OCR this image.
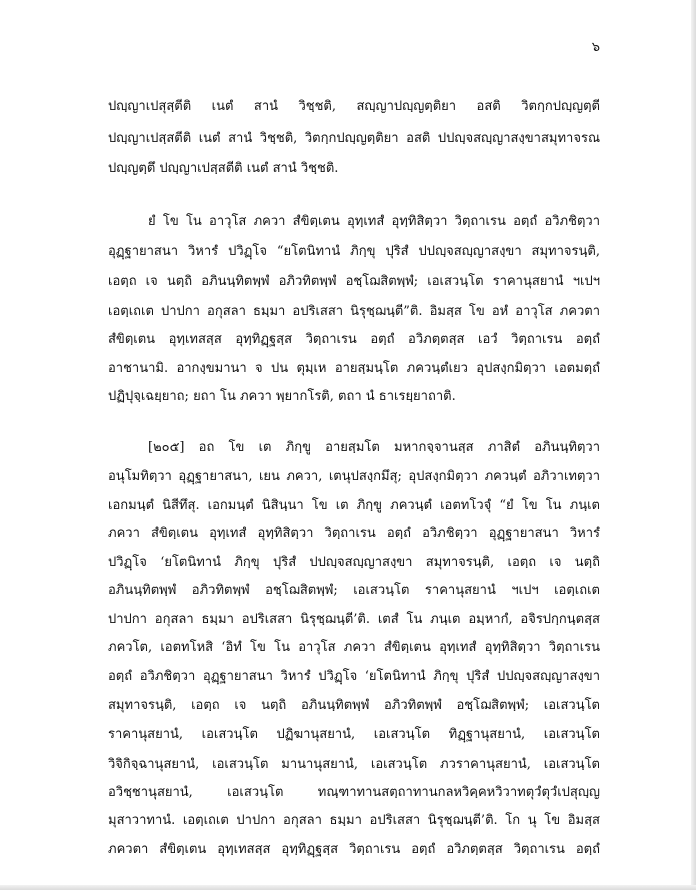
๖
ปญฺญาเปสุสฺตีติ เนตํ สานํ วิชฺชติ, สญฺญาปญฺญตฺติยา อสติ วิตกฺกปญฺญตฺตี
ปญฺญาเปสฺสตีติ เนตํ สานํ วิชฺชติ, วิตกฺกปญฺญตฺติยา อสติ ปปญฺจสญฺญาสงฺขาสมุทาจรณ
ปญฺญตฺตึ ปญฺญาเปสฺสตีติ เนตํ สานํ วิชฺชติ.
ยํ โข โน อาวุโส ภควา สํขิตฺเตน อุทฺเทสํ อุทฺทิสิตฺวา วิตฺถาเรน อตฺถํ อวิภชิตฺวา
อุฏฺฐายาสนา วิหารํ ปวิฏฺโจ “ยโตนิทานํ ภิกฺขุ ปุริสํ ปปญฺจสญฺญาสงฺขา สมุทาจรนฺติ,
เอตฺถ เจ นตฺถิ อภินนฺทิตพฺพํ อภิวทิตพฺพํ อชฺโฌสิตพฺพํ; เอเสวนฺโต ราคานุสยานํ ฯเปฯ
เอตฺเถเต ปาปกา อกุสลา ธมฺมา อปริเสสา นิรุชฺฌนฺตี”ติ. อิมสฺส โข อหํ อาวุโส ภควตา
สํขิตฺเตน อุทฺเทสสฺส อุทฺทิฏฺฐสฺส วิตฺถาเรน อตฺถํ อวิภตฺตสฺส เอวํ วิตฺถาเรน อตฺถํ
อาชานามิ. อากงฺขมานา จ ปน ตุมฺเห อายสฺมนฺโต ภควนฺตํเยว อุปสงฺกมิตฺวา เอตมตฺถํ
ปฏิปุจฺเฉยฺยาถ; ยถา โน ภควา พฺยากโรติ, ตถา นํ ธาเรยฺยาถาติ.
[๒๐๕] อถ โข เต ภิกฺขู อายสฺมโต มหากจฺจานสฺส ภาสิตํ อภินนฺทิตฺวา
อนุโมทิตฺวา อุฏฺฐายาสนา, เยน ภควา, เตนุปสงฺกมึสุ; อุปสงฺกมิตฺวา ภควนฺตํ อภิวาเทตฺวา
เอกมนฺตํ นิสีทึสุ. เอกมนฺตํ นิสินฺนา โข เต ภิกฺขู ภควนฺตํ เอตทโวจุํ “ยํ โข โน ภนฺเต
ภควา สํขิตฺเตน อุทฺเทสํ อุทฺทิสิตฺวา วิตฺถาเรน อตฺถํ อวิภชิตฺวา อุฏฺฐายาสนา วิหารํ
ปวิฏฺโจ ‘ยโตนิทานํ ภิกฺขุ ปุริสํ ปปญฺจสญฺญาสงฺขา สมุทาจรนฺติ, เอตฺถ เจ นตฺถิ
อภินนฺทิตพฺพํ อภิวทิตพฺพํ อชฺโฌสิตพฺพํ; เอเสวนฺโต ราคานุสยานํ ฯเปฯ เอตฺเถเต
ปาปกา อกุสลา ธมฺมา อปริเสสา นิรุชฺฌนฺตี’ติ. เตสํ โน ภนฺเต อมฺหากํ, อจิรปกฺกนฺตสฺส
ภควโต, เอตทโหสิ ‘อิทํ โข โน อาวุโส ภควา สํขิตฺเตน อุทฺเทสํ อุทฺทิสิตฺวา วิตฺถาเรน
อตฺถํ อวิภชิตฺวา อุฏฺฐายาสนา วิหารํ ปวิฏฺโจ ‘ยโตนิทานํ ภิกฺขุ ปุริสํ ปปญฺจสญฺญาสงฺขา
สมุทาจรนฺติ, เอตฺถ เจ นตฺถิ อภินนฺทิตพฺพํ อภิวทิตพฺพํ อชฺโฌสิตพฺพํ; เอเสวนฺโต
ราคานุสยานํ, เอเสวนฺโต ปฏิฆานุสยานํ, เอเสวนฺโต ทิฏฺฐานุสยานํ, เอเสวนฺโต
วิจิกิจฺฉานุสยานํ, เอเสวนฺโต มานานุสยานํ, เอเสวนฺโต ภวราคานุสยานํ, เอเสวนฺโต
อวิชฺชานุสยานํ, เอเสวนฺโต ทณฺฑาทานสตฺถาทานกลหวิคฺคหวิวาทตุวํตุวํเปสุญฺญ
มุสาวาทานํ. เอตฺเถเต ปาปกา อกุสลา ธมฺมา อปริเสสา นิรุชฺฌนฺตี’ติ. โก นุ โข อิมสฺส
ภควตา สํขิตฺเตน อุทฺเทสสฺส อุทฺทิฏฺฐสฺส วิตฺถาเรน อตฺถํ อวิภตฺตสฺส วิตฺถาเรน อตฺถํ
